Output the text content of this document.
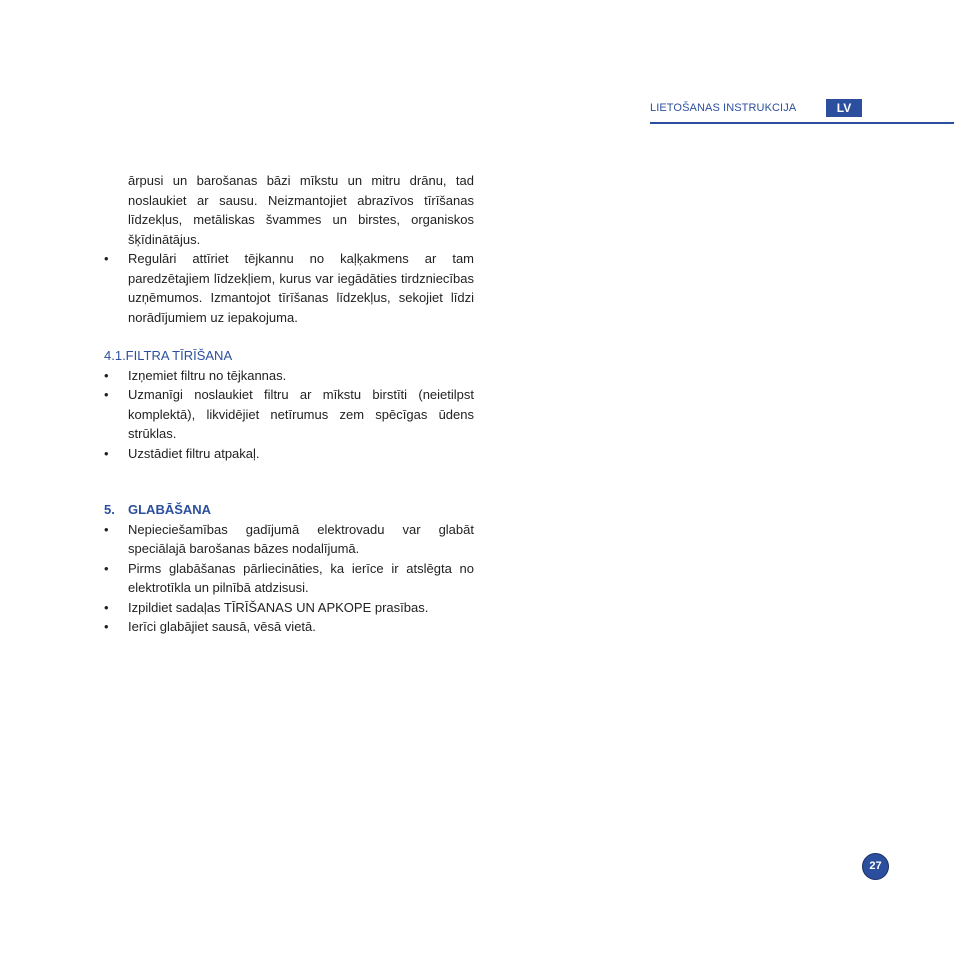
LIETOŠANAS INSTRUKCIJA	LV

ārpusi un barošanas bāzi mīkstu un mitru drānu, tad noslaukiet ar sausu. Neizmantojiet abrazīvos tīrīšanas līdzekļus, metāliskas švammes un birstes, organiskos šķīdinātājus.

•	Regulāri attīriet tējkannu no kaļķakmens ar tam paredzētajiem līdzekļiem, kurus var iegādāties tirdzniecības uzņēmumos. Izmantojot tīrīšanas līdzekļus, sekojiet līdzi norādījumiem uz iepakojuma.

4.1.FILTRA TĪRĪŠANA

•	Izņemiet filtru no tējkannas.
•	Uzmanīgi noslaukiet filtru ar mīkstu birstīti (neietilpst komplektā), likvidējiet netīrumus zem spēcīgas ūdens strūklas.
•	Uzstādiet filtru atpakaļ.

5. GLABĀŠANA

•	Nepieciešamības gadījumā elektrovadu var glabāt speciālajā barošanas bāzes nodalījumā.
•	Pirms glabāšanas pārliecināties, ka ierīce ir atslēgta no elektrotīkla un pilnībā atdzisusi.
•	Izpildiet sadaļas TĪRĪŠANAS UN APKOPE prasības.
•	Ierīci glabājiet sausā, vēsā vietā.
27
